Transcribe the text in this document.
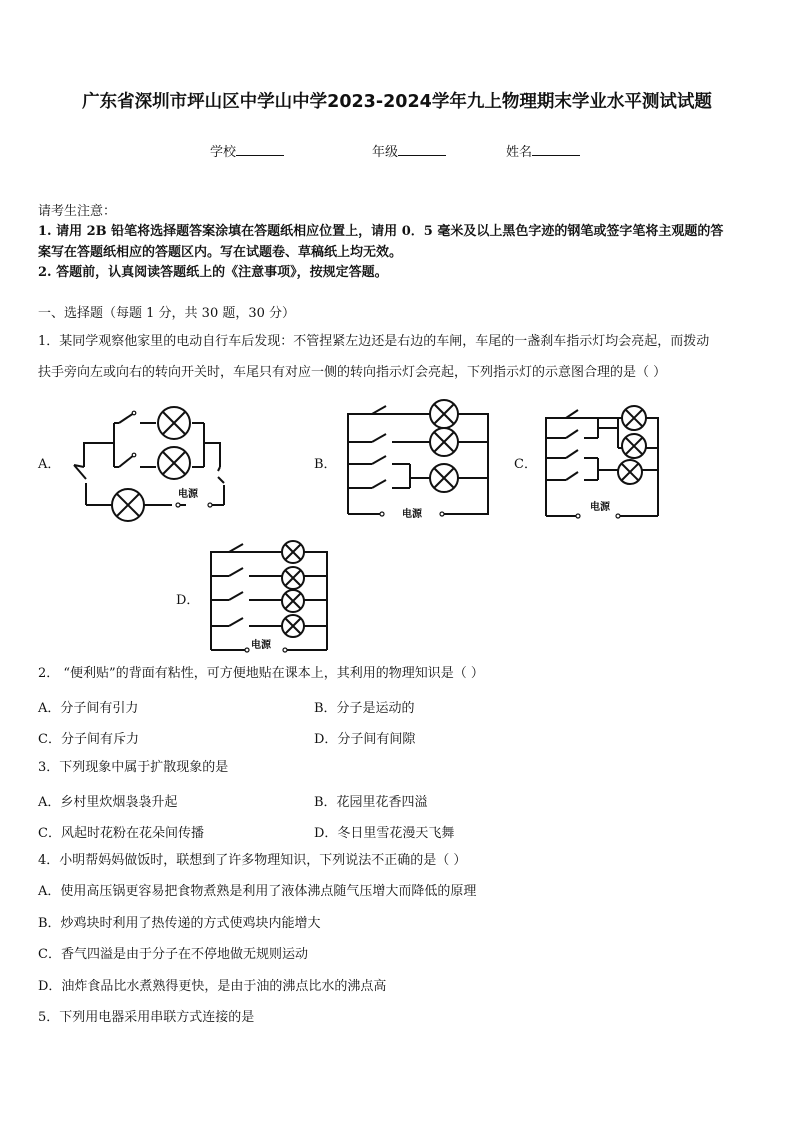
广东省深圳市坪山区中学山中学2023-2024学年九上物理期末学业水平测试试题
学校	年级	姓名
请考生注意：
1. 请用 2B 铅笔将选择题答案涂填在答题纸相应位置上，请用 0．5 毫米及以上黑色字迹的钢笔或签字笔将主观题的答
案写在答题纸相应的答题区内。写在试题卷、草稿纸上均无效。
2. 答题前，认真阅读答题纸上的《注意事项》，按规定答题。
一、选择题（每题 1 分，共 30 题，30 分）
1．某同学观察他家里的电动自行车后发现：不管捏紧左边还是右边的车闸，车尾的一盏刹车指示灯均会亮起，而拨动
扶手旁向左或向右的转向开关时，车尾只有对应一侧的转向指示灯会亮起，下列指示灯的示意图合理的是（ ）
A．	B．	C．
D．
电源
电源
电源
电源
2． “便利贴”的背面有粘性，可方便地贴在课本上，其利用的物理知识是（ ）
A．分子间有引力	B．分子是运动的
C．分子间有斥力	D．分子间有间隙
3．下列现象中属于扩散现象的是
A．乡村里炊烟袅袅升起	B．花园里花香四溢
C．风起时花粉在花朵间传播	D．冬日里雪花漫天飞舞
4．小明帮妈妈做饭时，联想到了许多物理知识，下列说法不正确的是（ ）
A．使用高压锅更容易把食物煮熟是利用了液体沸点随气压增大而降低的原理
B．炒鸡块时利用了热传递的方式使鸡块内能增大
C．香气四溢是由于分子在不停地做无规则运动
D．油炸食品比水煮熟得更快，是由于油的沸点比水的沸点高
5．下列用电器采用串联方式连接的是
